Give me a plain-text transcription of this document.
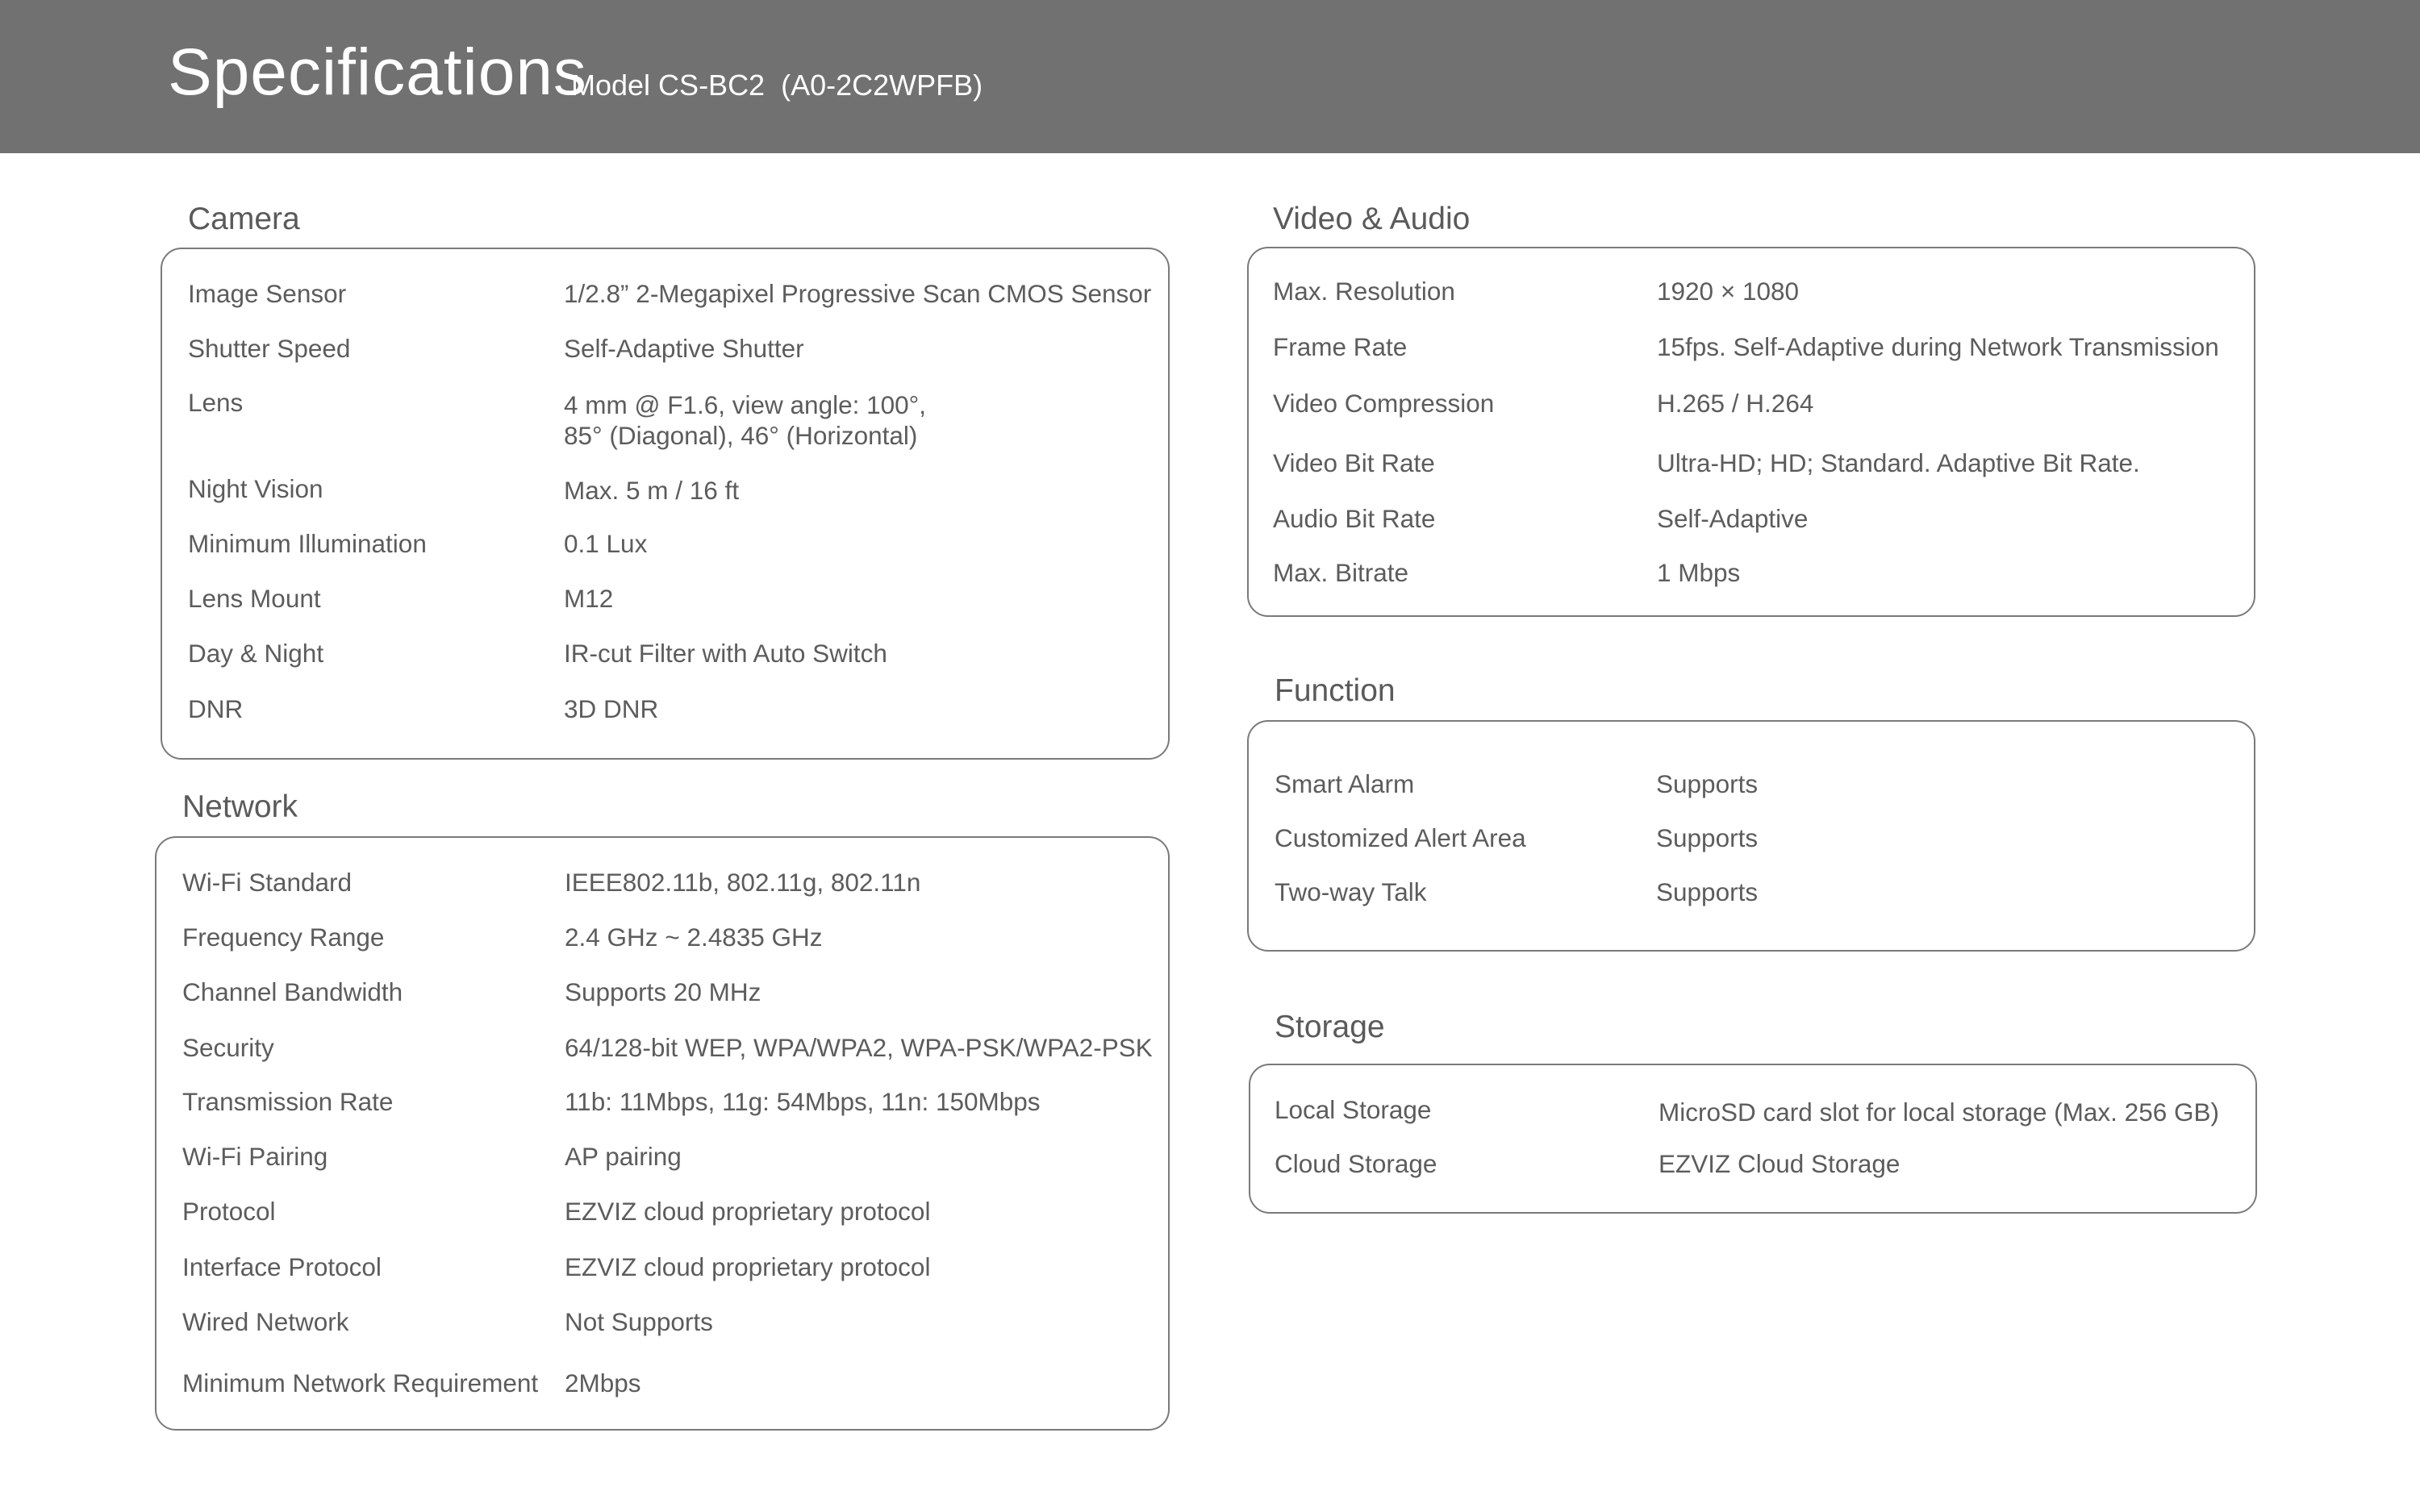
Specifications
Model CS-BC2  (A0-2C2WPFB)
Camera
Image Sensor	1/2.8” 2-Megapixel Progressive Scan CMOS Sensor
Shutter Speed	Self-Adaptive Shutter
Lens	4 mm @ F1.6, view angle: 100°,
85° (Diagonal), 46° (Horizontal)
Night Vision	Max. 5 m / 16 ft
Minimum Illumination	0.1 Lux
Lens Mount	M12
Day & Night	IR-cut Filter with Auto Switch
DNR	3D DNR
Network
Wi-Fi Standard	IEEE802.11b, 802.11g, 802.11n
Frequency Range	2.4 GHz ~ 2.4835 GHz
Channel Bandwidth	Supports 20 MHz
Security	64/128-bit WEP, WPA/WPA2, WPA-PSK/WPA2-PSK
Transmission Rate	11b: 11Mbps, 11g: 54Mbps, 11n: 150Mbps
Wi-Fi Pairing	AP pairing
Protocol	EZVIZ cloud proprietary protocol
Interface Protocol	EZVIZ cloud proprietary protocol
Wired Network	Not Supports
Minimum Network Requirement 2Mbps
Video & Audio
Max. Resolution	1920 × 1080
Frame Rate	15fps. Self-Adaptive during Network Transmission
Video Compression	H.265 / H.264
Video Bit Rate	Ultra-HD; HD; Standard. Adaptive Bit Rate.
Audio Bit Rate	Self-Adaptive
Max. Bitrate	1 Mbps
Function
Smart Alarm	Supports
Customized Alert Area	Supports
Two-way Talk	Supports
Storage
Local Storage	MicroSD card slot for local storage (Max. 256 GB)
Cloud Storage	EZVIZ Cloud Storage
